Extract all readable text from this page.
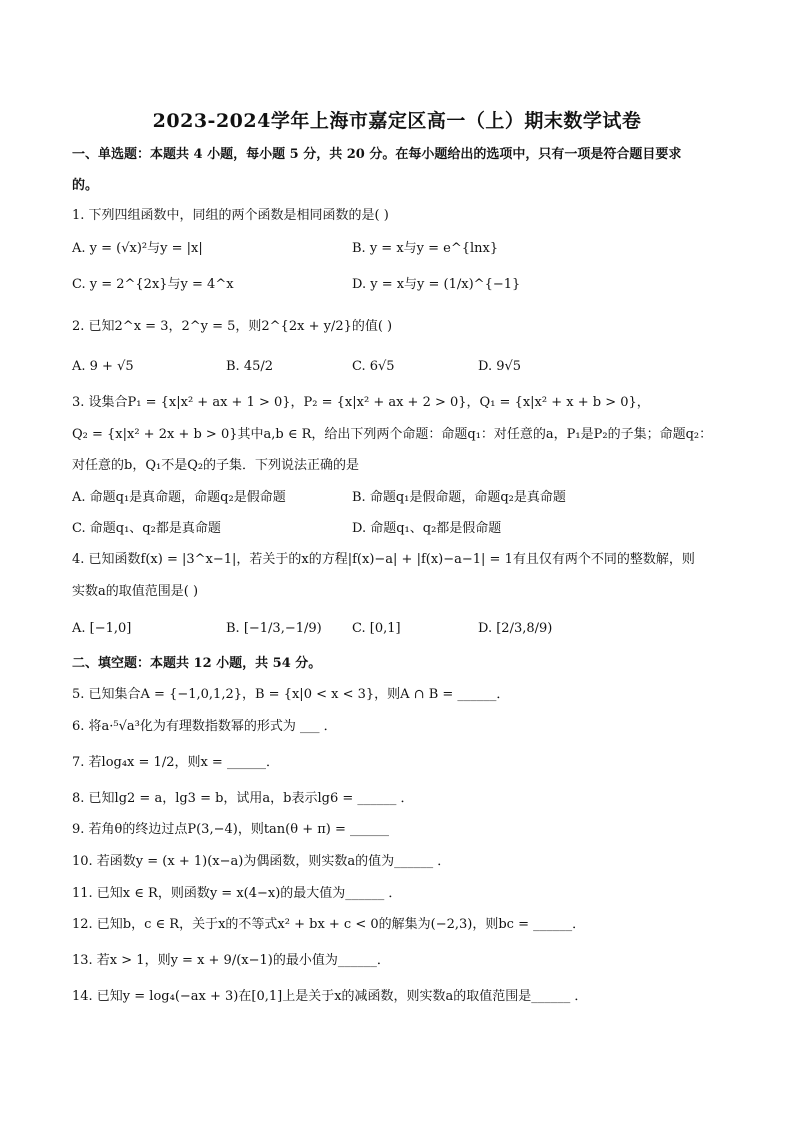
2023-2024学年上海市嘉定区高一（上）期末数学试卷
一、单选题：本题共 4 小题，每小题 5 分，共 20 分。在每小题给出的选项中，只有一项是符合题目要求
的。
1. 下列四组函数中，同组的两个函数是相同函数的是( )
A. y = (√x)²与y = |x|	B. y = x与y = e^{lnx}
C. y = 2^{2x}与y = 4^x	D. y = x与y = (1/x)^{−1}
2. 已知2^x = 3，2^y = 5，则2^{2x + y/2}的值( )
A. 9 + √5	B. 45/2	C. 6√5	D. 9√5
3. 设集合P₁ = {x|x² + ax + 1 > 0}，P₂ = {x|x² + ax + 2 > 0}，Q₁ = {x|x² + x + b > 0}，
Q₂ = {x|x² + 2x + b > 0}其中a,b ∈ R，给出下列两个命题：命题q₁：对任意的a，P₁是P₂的子集；命题q₂：
对任意的b，Q₁不是Q₂的子集．下列说法正确的是
A. 命题q₁是真命题，命题q₂是假命题	B. 命题q₁是假命题，命题q₂是真命题
C. 命题q₁、q₂都是真命题	D. 命题q₁、q₂都是假命题
4. 已知函数f(x) = |3^x−1|，若关于的x的方程|f(x)−a| + |f(x)−a−1| = 1有且仅有两个不同的整数解，则
实数a的取值范围是( )
A. [−1,0]	B. [−1/3,−1/9) C. [0,1]	D. [2/3,8/9)
二、填空题：本题共 12 小题，共 54 分。
5. 已知集合A = {−1,0,1,2}，B = {x|0 < x < 3}，则A ∩ B = ______．
6. 将a·⁵√a³化为有理数指数幂的形式为 ___ ．
7. 若log₄x = 1/2，则x = ______．
8. 已知lg2 = a，lg3 = b，试用a，b表示lg6 = ______ ．
9. 若角θ的终边过点P(3,−4)，则tan(θ + π) = ______
10. 若函数y = (x + 1)(x−a)为偶函数，则实数a的值为______ ．
11. 已知x ∈ R，则函数y = x(4−x)的最大值为______ ．
12. 已知b，c ∈ R，关于x的不等式x² + bx + c < 0的解集为(−2,3)，则bc = ______．
13. 若x > 1，则y = x + 9/(x−1)的最小值为______．
14. 已知y = log₄(−ax + 3)在[0,1]上是关于x的减函数，则实数a的取值范围是______ ．
